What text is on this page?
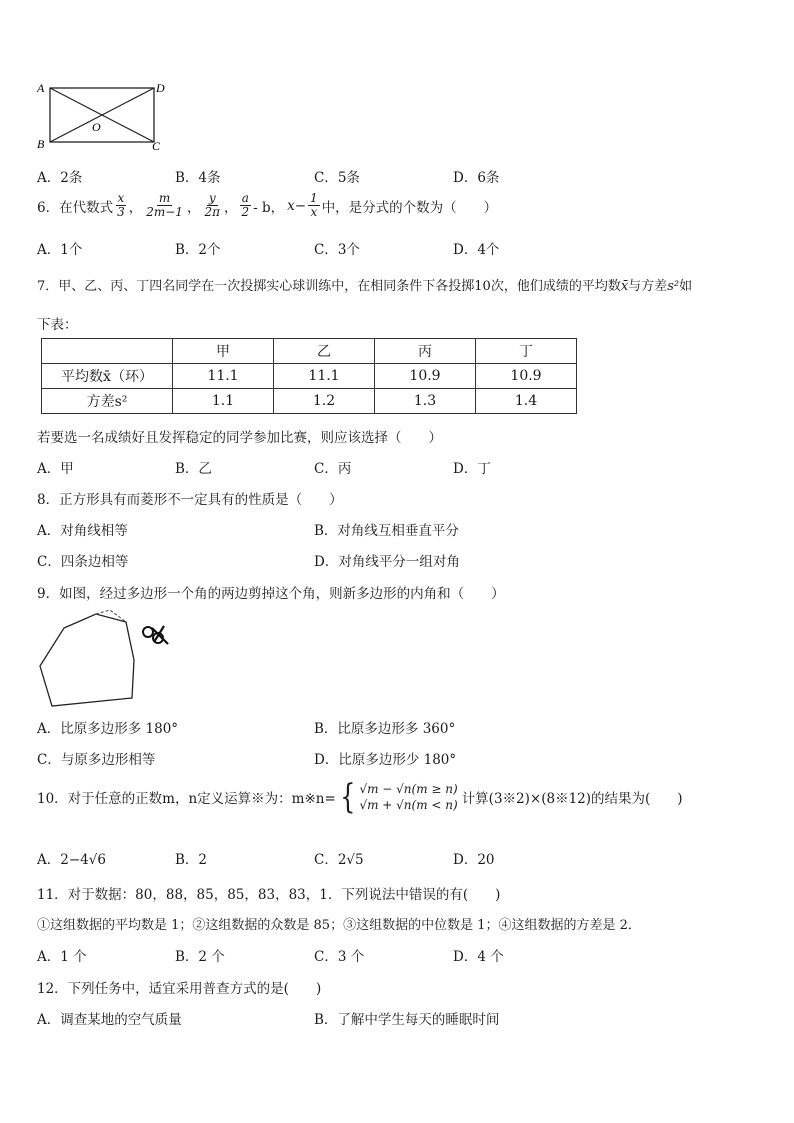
A	D
B	C
O
A．2条	B．4条	C．5条	D．6条
6．在代数式 $\frac{x}{3}$ ， $\frac{m}{2m-1}$ ， $\frac{y}{2\pi}$ ， $\frac{a}{2}$ - b， $x- \frac{1}{x}$ 中，是分式的个数为（　　）
A．1个	B．2个	C．3个	D．4个
7．甲、乙、丙、丁四名同学在一次投掷实心球训练中，在相同条件下各投掷10次，他们成绩的平均数x̄与方差s²如
下表：
	甲	乙	丙	丁
平均数x̄（环）	11.1	11.1	10.9	10.9
方差s²	1.1	1.2	1.3	1.4
若要选一名成绩好且发挥稳定的同学参加比赛，则应该选择（　　）
A．甲	B．乙	C．丙	D．丁
8．正方形具有而菱形不一定具有的性质是（　　）
A．对角线相等	B．对角线互相垂直平分
C．四条边相等	D．对角线平分一组对角
9．如图，经过多边形一个角的两边剪掉这个角，则新多边形的内角和（　　）
A．比原多边形多 180°	B．比原多边形多 360°
C．与原多边形相等	D．比原多边形少 180°
10．对于任意的正数m，n定义运算※为：m※n= { √m − √n(m ≥ n)
√m + √n(m < n) 计算(3※2)×(8※12)的结果为(　　)
A．2−4√6	B．2	C．2√5	D．20
11．对于数据：80，88，85，85，83，83，1．下列说法中错误的有(　　)
①这组数据的平均数是 1；②这组数据的众数是 85；③这组数据的中位数是 1；④这组数据的方差是 2．
A．1 个	B．2 个	C．3 个	D．4 个
12．下列任务中，适宜采用普查方式的是(　　)
A．调查某地的空气质量	B．了解中学生每天的睡眠时间
